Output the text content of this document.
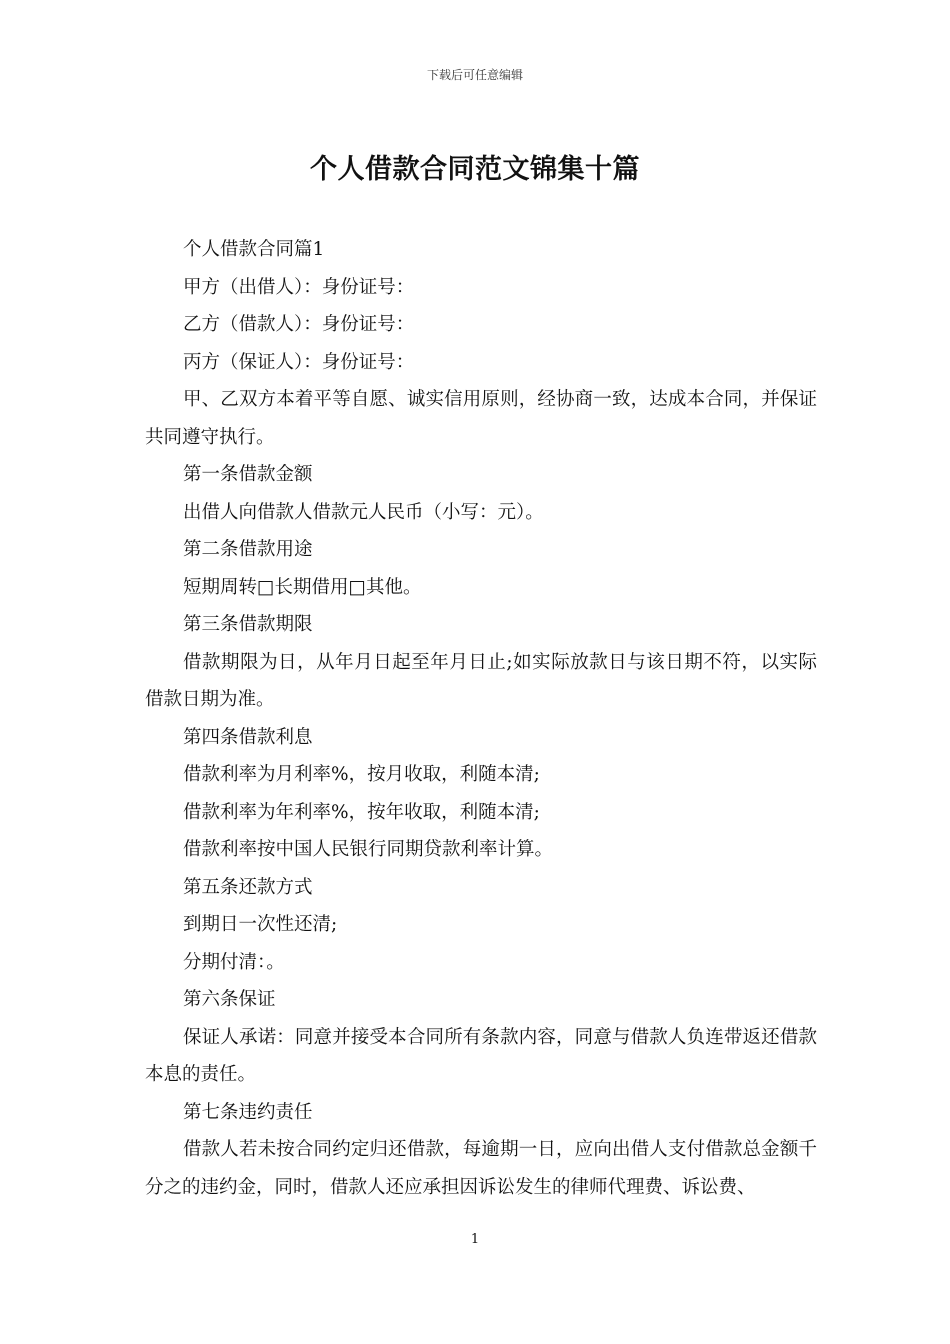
下载后可任意编辑
个人借款合同范文锦集十篇

个人借款合同篇1

甲方（出借人）：身份证号：

乙方（借款人）：身份证号：

丙方（保证人）：身份证号：

甲、乙双方本着平等自愿、诚实信用原则，经协商一致，达成本合同，并保证共同遵守执行。

第一条借款金额

出借人向借款人借款元人民币（小写：元）。

第二条借款用途

短期周转□长期借用□其他。

第三条借款期限

借款期限为日，从年月日起至年月日止;如实际放款日与该日期不符，以实际借款日期为准。

第四条借款利息

借款利率为月利率%，按月收取，利随本清;

借款利率为年利率%，按年收取，利随本清;

借款利率按中国人民银行同期贷款利率计算。

第五条还款方式

到期日一次性还清;

分期付清：。

第六条保证

保证人承诺：同意并接受本合同所有条款内容，同意与借款人负连带返还借款本息的责任。

第七条违约责任

借款人若未按合同约定归还借款，每逾期一日，应向出借人支付借款总金额千分之的违约金，同时，借款人还应承担因诉讼发生的律师代理费、诉讼费、

1
